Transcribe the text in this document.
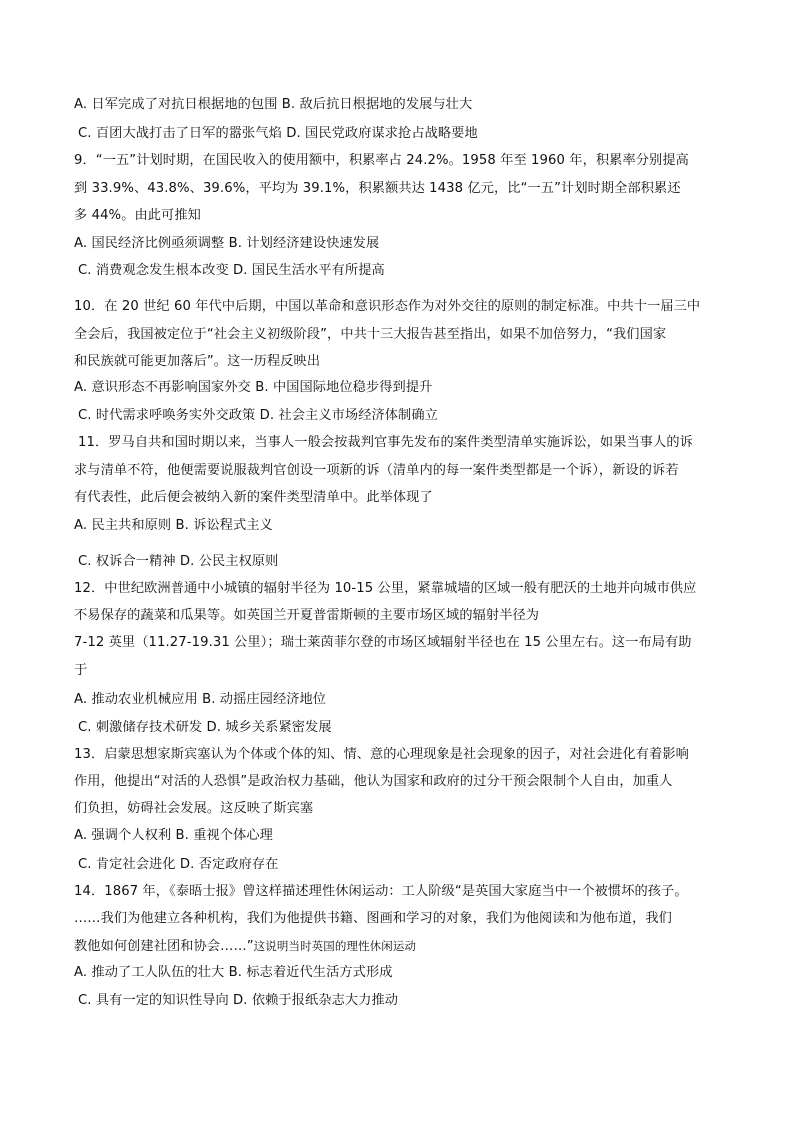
A. 日军完成了对抗日根据地的包围 B. 敌后抗日根据地的发展与壮大
C. 百团大战打击了日军的嚣张气焰 D. 国民党政府谋求抢占战略要地
9．“一五”计划时期，在国民收入的使用额中，积累率占 24.2%。1958 年至 1960 年，积累率分别提高
到 33.9%、43.8%、39.6%，平均为 39.1%，积累额共达 1438 亿元，比“一五”计划时期全部积累还
多 44%。由此可推知
A. 国民经济比例亟须调整 B. 计划经济建设快速发展
C. 消费观念发生根本改变 D. 国民生活水平有所提高
10．在 20 世纪 60 年代中后期，中国以革命和意识形态作为对外交往的原则的制定标准。中共十一届三中
全会后，我国被定位于“社会主义初级阶段”，中共十三大报告甚至指出，如果不加倍努力，“我们国家
和民族就可能更加落后”。这一历程反映出
A. 意识形态不再影响国家外交 B. 中国国际地位稳步得到提升
C. 时代需求呼唤务实外交政策 D. 社会主义市场经济体制确立
11．罗马自共和国时期以来，当事人一般会按裁判官事先发布的案件类型清单实施诉讼，如果当事人的诉
求与清单不符，他便需要说服裁判官创设一项新的诉（清单内的每一案件类型都是一个诉），新设的诉若
有代表性，此后便会被纳入新的案件类型清单中。此举体现了
A. 民主共和原则 B. 诉讼程式主义
C. 权诉合一精神 D. 公民主权原则
12．中世纪欧洲普通中小城镇的辐射半径为 10-15 公里，紧靠城墙的区域一般有肥沃的土地并向城市供应
不易保存的蔬菜和瓜果等。如英国兰开夏普雷斯顿的主要市场区域的辐射半径为
7-12 英里（11.27-19.31 公里）；瑞士莱茵菲尔登的市场区域辐射半径也在 15 公里左右。这一布局有助
于
A. 推动农业机械应用 B. 动摇庄园经济地位
C. 刺激储存技术研发 D. 城乡关系紧密发展
13．启蒙思想家斯宾塞认为个体或个体的知、情、意的心理现象是社会现象的因子，对社会进化有着影响
作用，他提出“对活的人恐惧”是政治权力基础，他认为国家和政府的过分干预会限制个人自由，加重人
们负担，妨碍社会发展。这反映了斯宾塞
A. 强调个人权利 B. 重视个体心理
C. 肯定社会进化 D. 否定政府存在
14．1867 年，《泰晤士报》曾这样描述理性休闲运动：工人阶级“是英国大家庭当中一个被惯坏的孩子。
……我们为他建立各种机构，我们为他提供书籍、图画和学习的对象，我们为他阅读和为他布道，我们
教他如何创建社团和协会……”这说明当时英国的理性休闲运动
A. 推动了工人队伍的壮大 B. 标志着近代生活方式形成
C. 具有一定的知识性导向 D. 依赖于报纸杂志大力推动
